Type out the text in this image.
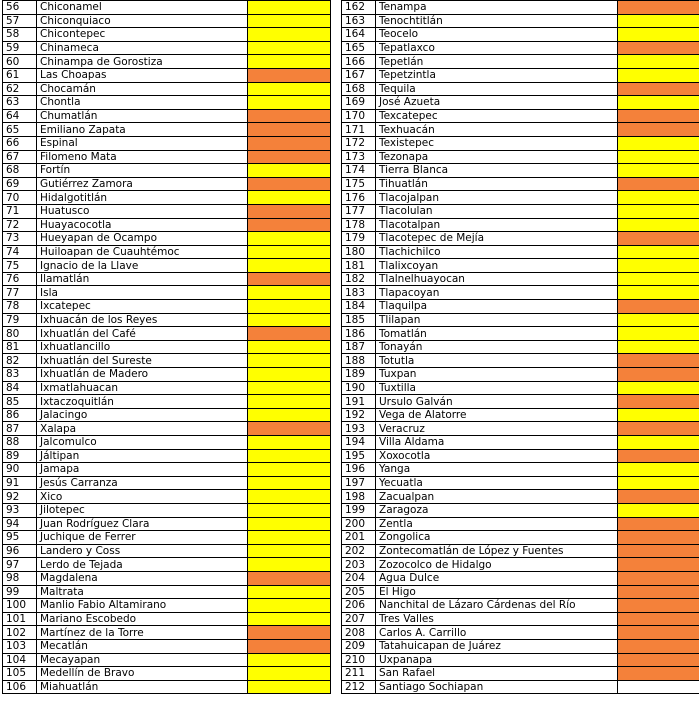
56	Chiconamel	
57	Chiconquiaco	
58	Chicontepec	
59	Chinameca	
60	Chinampa de Gorostiza	
61	Las Choapas	
62	Chocamán	
63	Chontla	
64	Chumatlán	
65	Emiliano Zapata	
66	Espinal	
67	Filomeno Mata	
68	Fortín	
69	Gutiérrez Zamora	
70	Hidalgotitlán	
71	Huatusco	
72	Huayacocotla	
73	Hueyapan de Ocampo	
74	Huiloapan de Cuauhtémoc	
75	Ignacio de la Llave	
76	Ilamatlán	
77	Isla	
78	Ixcatepec	
79	Ixhuacán de los Reyes	
80	Ixhuatlán del Café	
81	Ixhuatlancillo	
82	Ixhuatlán del Sureste	
83	Ixhuatlán de Madero	
84	Ixmatlahuacan	
85	Ixtaczoquitlán	
86	Jalacingo	
87	Xalapa	
88	Jalcomulco	
89	Jáltipan	
90	Jamapa	
91	Jesús Carranza	
92	Xico	
93	Jilotepec	
94	Juan Rodríguez Clara	
95	Juchique de Ferrer	
96	Landero y Coss	
97	Lerdo de Tejada	
98	Magdalena	
99	Maltrata	
100	Manlio Fabio Altamirano	
101	Mariano Escobedo	
102	Martínez de la Torre	
103	Mecatlán	
104	Mecayapan	
105	Medellín de Bravo	
106	Miahuatlán	
162	Tenampa	
163	Tenochtitlán	
164	Teocelo	
165	Tepatlaxco	
166	Tepetlán	
167	Tepetzintla	
168	Tequila	
169	José Azueta	
170	Texcatepec	
171	Texhuacán	
172	Texistepec	
173	Tezonapa	
174	Tierra Blanca	
175	Tihuatlán	
176	Tlacojalpan	
177	Tlacolulan	
178	Tlacotalpan	
179	Tlacotepec de Mejía	
180	Tlachichilco	
181	Tlalixcoyan	
182	Tlalnelhuayocan	
183	Tlapacoyan	
184	Tlaquilpa	
185	Tlilapan	
186	Tomatlán	
187	Tonayán	
188	Totutla	
189	Tuxpan	
190	Tuxtilla	
191	Ursulo Galván	
192	Vega de Alatorre	
193	Veracruz	
194	Villa Aldama	
195	Xoxocotla	
196	Yanga	
197	Yecuatla	
198	Zacualpan	
199	Zaragoza	
200	Zentla	
201	Zongolica	
202	Zontecomatlán de López y Fuentes	
203	Zozocolco de Hidalgo	
204	Agua Dulce	
205	El Higo	
206	Nanchital de Lázaro Cárdenas del Río	
207	Tres Valles	
208	Carlos A. Carrillo	
209	Tatahuicapan de Juárez	
210	Uxpanapa	
211	San Rafael	
212	Santiago Sochiapan	
